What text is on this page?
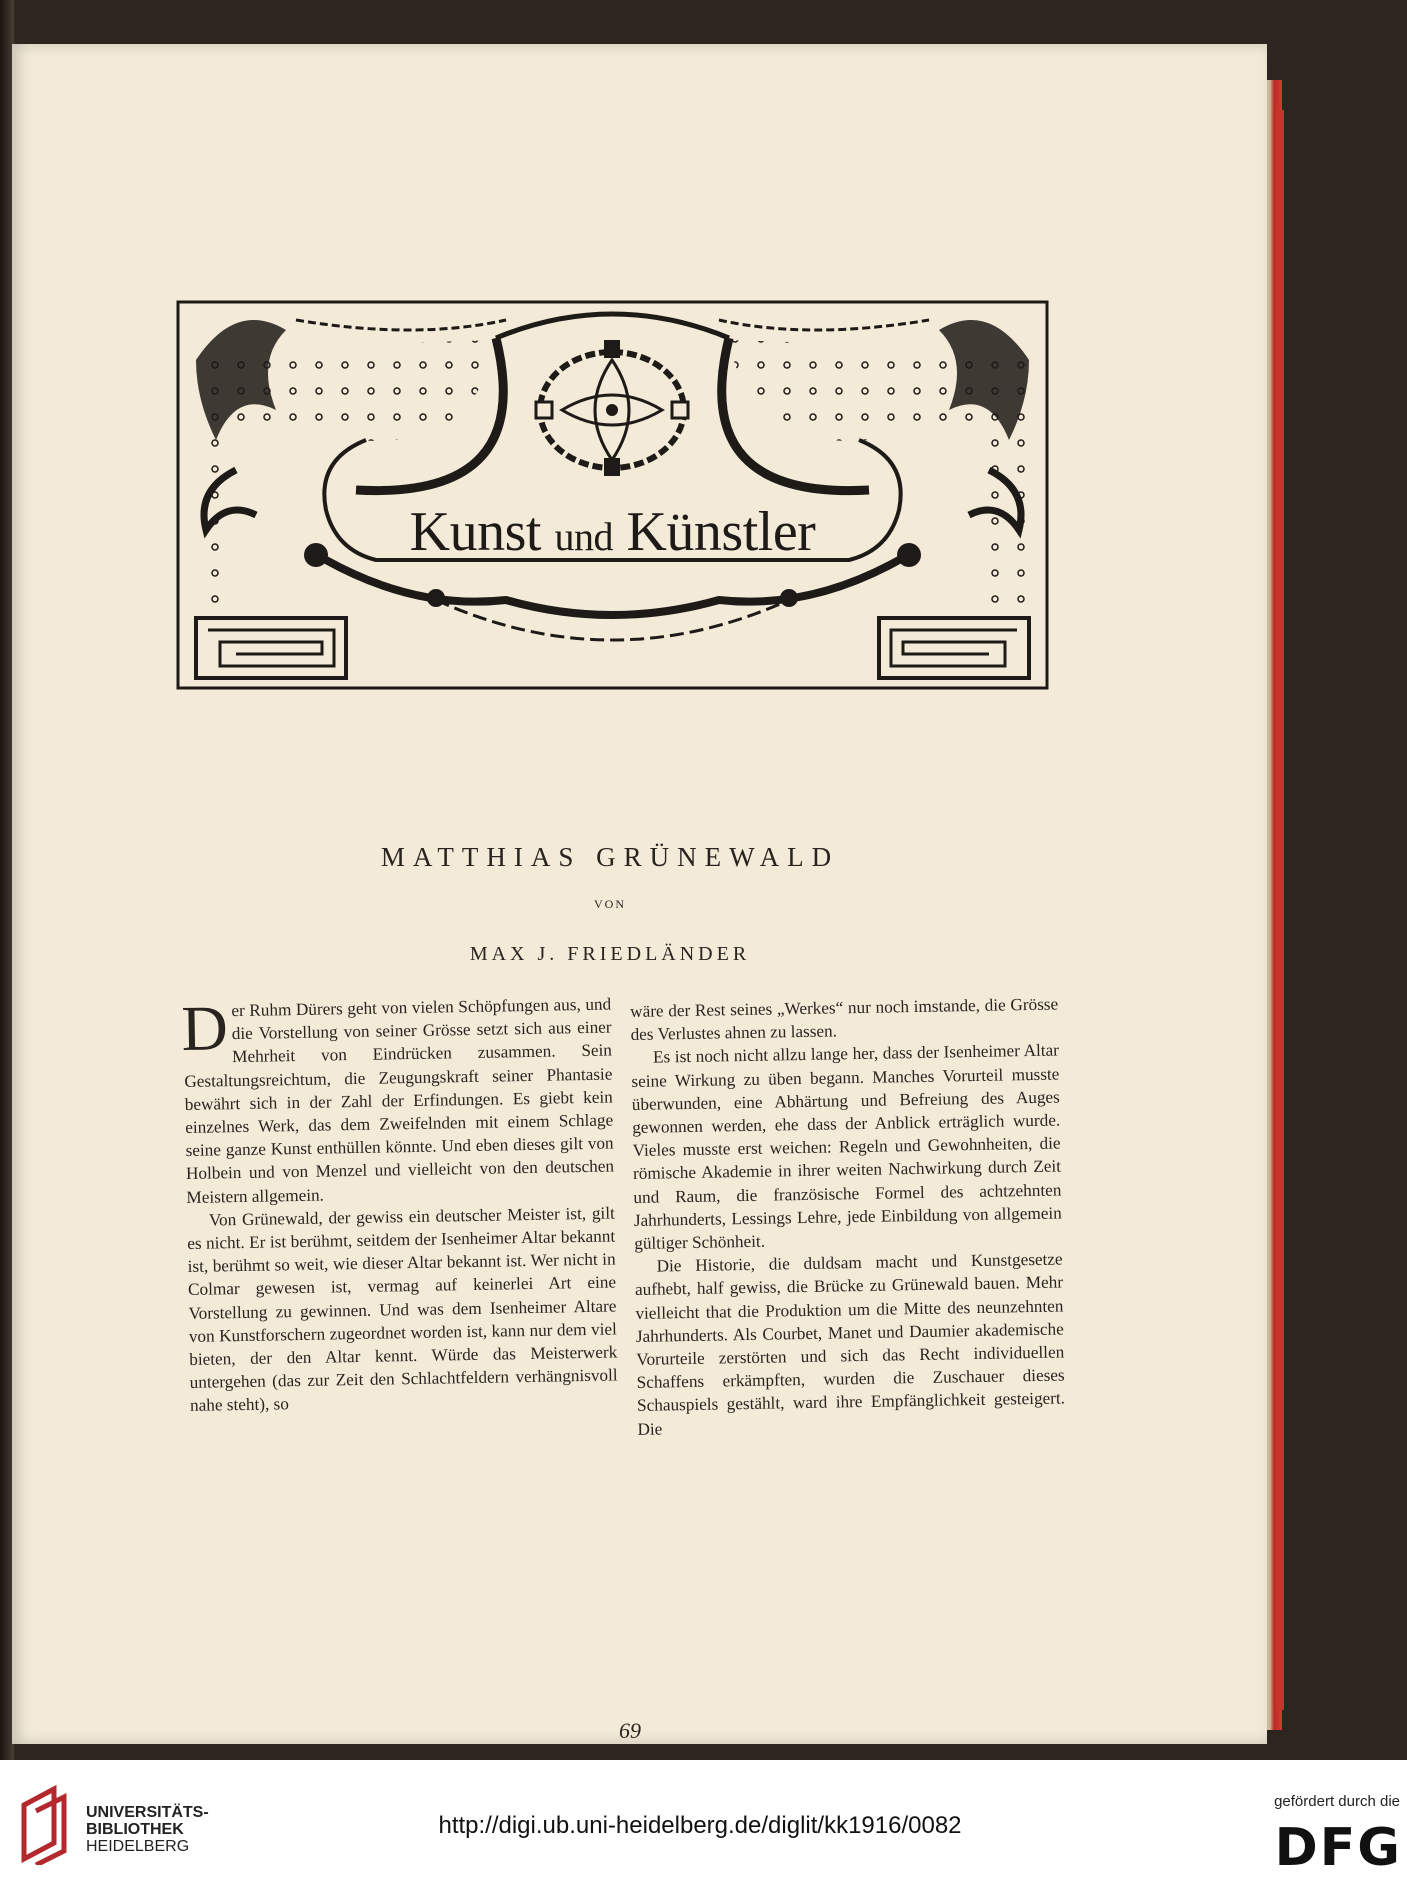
Kunst und Künstler
MATTHIAS GRÜNEWALD
VON
MAX J. FRIEDLÄNDER

Der Ruhm Dürers geht von vielen Schöpfungen aus, und die Vorstellung von seiner Grösse setzt sich aus einer Mehrheit von Eindrücken zusammen. Sein Gestaltungsreichtum, die Zeugungskraft seiner Phantasie bewährt sich in der Zahl der Erfindungen. Es giebt kein einzelnes Werk, das dem Zweifelnden mit einem Schlage seine ganze Kunst enthüllen könnte. Und eben dieses gilt von Holbein und von Menzel und vielleicht von den deutschen Meistern allgemein.

Von Grünewald, der gewiss ein deutscher Meister ist, gilt es nicht. Er ist berühmt, seitdem der Isenheimer Altar bekannt ist, berühmt so weit, wie dieser Altar bekannt ist. Wer nicht in Colmar gewesen ist, vermag auf keinerlei Art eine Vorstellung zu gewinnen. Und was dem Isenheimer Altare von Kunstforschern zugeordnet worden ist, kann nur dem viel bieten, der den Altar kennt. Würde das Meisterwerk untergehen (das zur Zeit den Schlachtfeldern verhängnisvoll nahe steht), so

wäre der Rest seines „Werkes“ nur noch imstande, die Grösse des Verlustes ahnen zu lassen.

Es ist noch nicht allzu lange her, dass der Isenheimer Altar seine Wirkung zu üben begann. Manches Vorurteil musste überwunden, eine Abhärtung und Befreiung des Auges gewonnen werden, ehe dass der Anblick erträglich wurde. Vieles musste erst weichen: Regeln und Gewohnheiten, die römische Akademie in ihrer weiten Nachwirkung durch Zeit und Raum, die französische Formel des achtzehnten Jahrhunderts, Lessings Lehre, jede Einbildung von allgemein gültiger Schönheit.

Die Historie, die duldsam macht und Kunstgesetze aufhebt, half gewiss, die Brücke zu Grünewald bauen. Mehr vielleicht that die Produktion um die Mitte des neunzehnten Jahrhunderts. Als Courbet, Manet und Daumier akademische Vorurteile zerstörten und sich das Recht individuellen Schaffens erkämpften, wurden die Zuschauer dieses Schauspiels gestählt, ward ihre Empfänglichkeit gesteigert. Die

69
UNIVERSITÄTS-
BIBLIOTHEK
HEIDELBERG
http://digi.ub.uni-heidelberg.de/diglit/kk1916/0082
gefördert durch die
DFG
